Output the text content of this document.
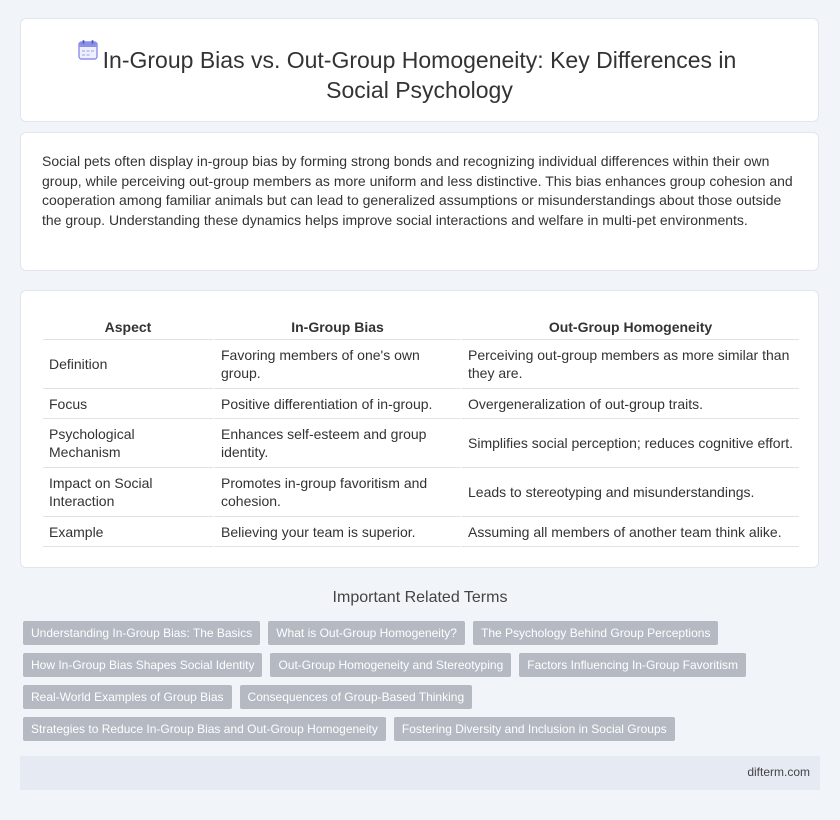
In-Group Bias vs. Out-Group Homogeneity: Key Differences in Social Psychology

Social pets often display in-group bias by forming strong bonds and recognizing individual differences within their own group, while perceiving out-group members as more uniform and less distinctive. This bias enhances group cohesion and cooperation among familiar animals but can lead to generalized assumptions or misunderstandings about those outside the group. Understanding these dynamics helps improve social interactions and welfare in multi-pet environments.

Aspect	In-Group Bias	Out-Group Homogeneity
Definition	Favoring members of one's own group.	Perceiving out-group members as more similar than they are.
Focus	Positive differentiation of in-group.	Overgeneralization of out-group traits.
Psychological Mechanism	Enhances self-esteem and group identity.	Simplifies social perception; reduces cognitive effort.
Impact on Social Interaction	Promotes in-group favoritism and cohesion.	Leads to stereotyping and misunderstandings.
Example	Believing your team is superior.	Assuming all members of another team think alike.
Important Related Terms
Understanding In-Group Bias: The Basics	What is Out-Group Homogeneity?	The Psychology Behind Group Perceptions
How In-Group Bias Shapes Social Identity	Out-Group Homogeneity and Stereotyping	Factors Influencing In-Group Favoritism
Real-World Examples of Group Bias	Consequences of Group-Based Thinking
Strategies to Reduce In-Group Bias and Out-Group Homogeneity	Fostering Diversity and Inclusion in Social Groups
difterm.com
